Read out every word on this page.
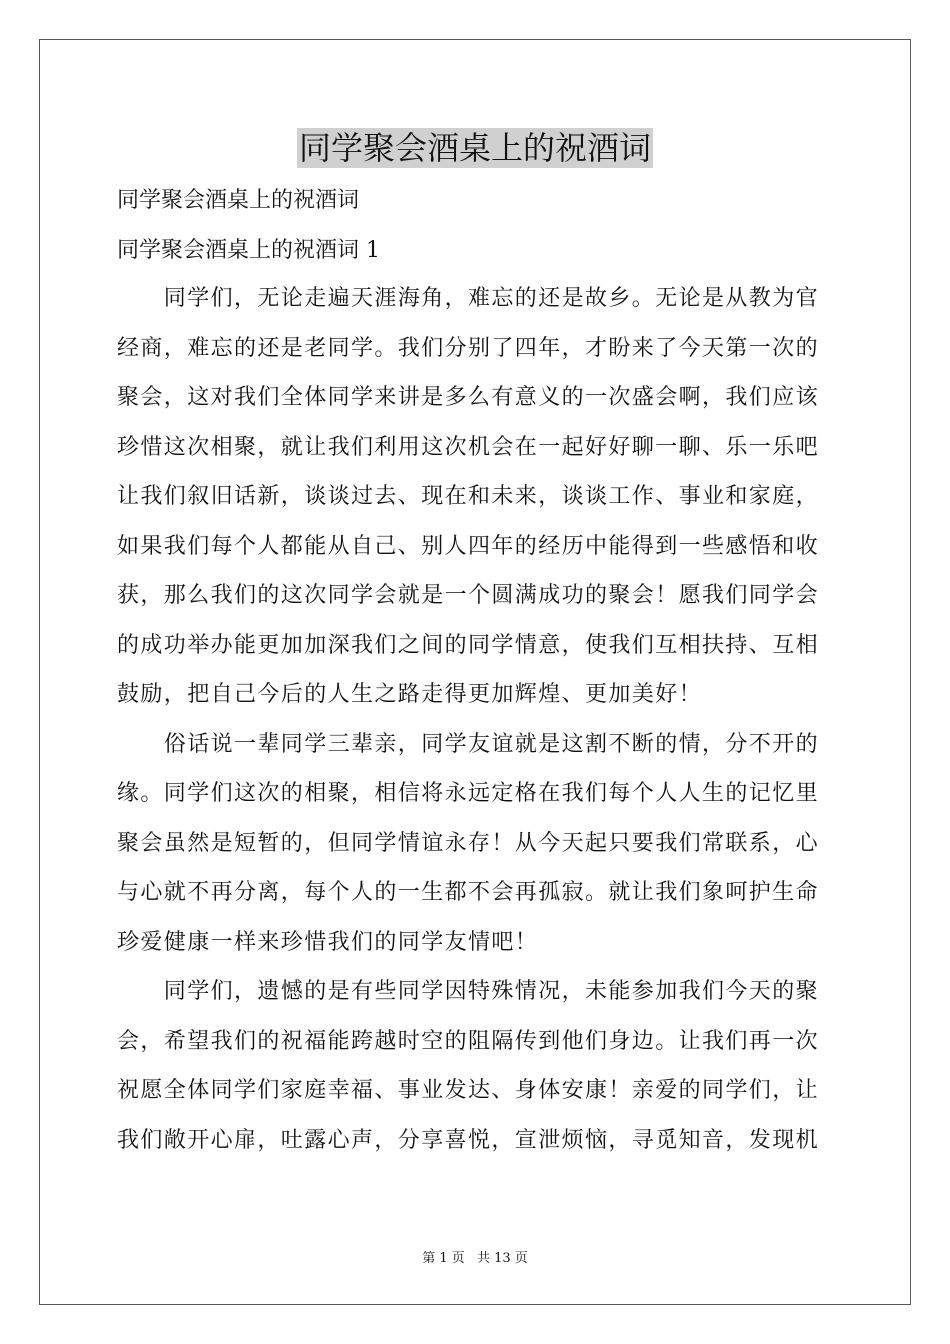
同学聚会酒桌上的祝酒词
同学聚会酒桌上的祝酒词
同学聚会酒桌上的祝酒词 1
　　同学们，无论走遍天涯海角，难忘的还是故乡。无论是从教为官
经商，难忘的还是老同学。我们分别了四年，才盼来了今天第一次的
聚会，这对我们全体同学来讲是多么有意义的一次盛会啊，我们应该
珍惜这次相聚，就让我们利用这次机会在一起好好聊一聊、乐一乐吧
让我们叙旧话新，谈谈过去、现在和未来，谈谈工作、事业和家庭，
如果我们每个人都能从自己、别人四年的经历中能得到一些感悟和收
获，那么我们的这次同学会就是一个圆满成功的聚会！愿我们同学会
的成功举办能更加加深我们之间的同学情意，使我们互相扶持、互相
鼓励，把自己今后的人生之路走得更加辉煌、更加美好！
　　俗话说一辈同学三辈亲，同学友谊就是这割不断的情，分不开的
缘。同学们这次的相聚，相信将永远定格在我们每个人人生的记忆里
聚会虽然是短暂的，但同学情谊永存！从今天起只要我们常联系，心
与心就不再分离，每个人的一生都不会再孤寂。就让我们象呵护生命
珍爱健康一样来珍惜我们的同学友情吧！
　　同学们，遗憾的是有些同学因特殊情况，未能参加我们今天的聚
会，希望我们的祝福能跨越时空的阻隔传到他们身边。让我们再一次
祝愿全体同学们家庭幸福、事业发达、身体安康！亲爱的同学们，让
我们敞开心扉，吐露心声，分享喜悦，宣泄烦恼，寻觅知音，发现机
第 1 页 共 13 页
